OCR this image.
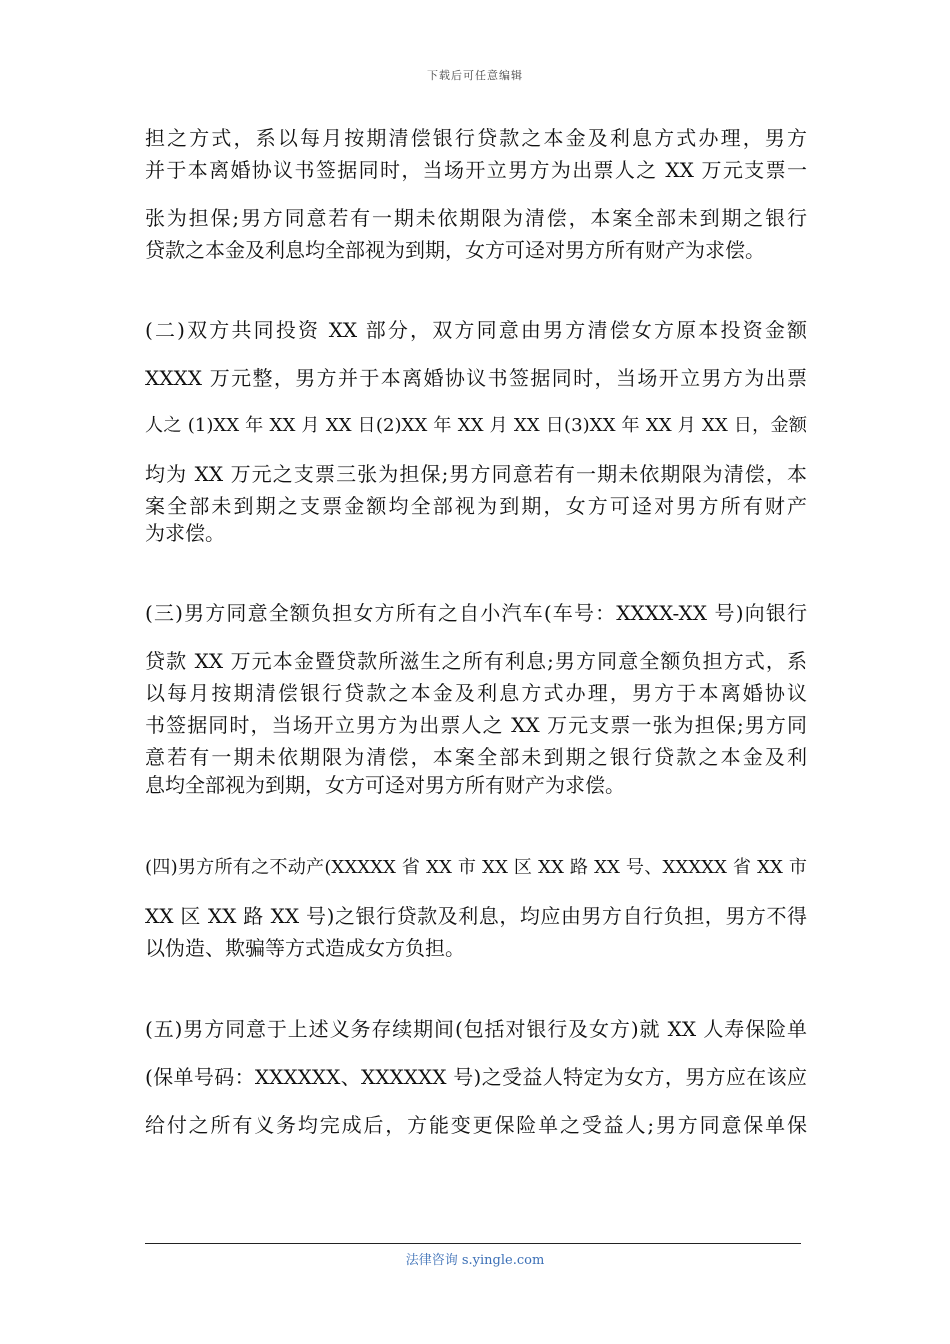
下载后可任意编辑
担之方式，系以每月按期清偿银行贷款之本金及利息方式办理，男方
并于本离婚协议书签据同时，当场开立男方为出票人之 XX 万元支票一
张为担保;男方同意若有一期未依期限为清偿，本案全部未到期之银行
贷款之本金及利息均全部视为到期，女方可迳对男方所有财产为求偿。
(二)双方共同投资 XX 部分，双方同意由男方清偿女方原本投资金额
XXXX 万元整，男方并于本离婚协议书签据同时，当场开立男方为出票
人之 (1)XX 年 XX 月 XX 日(2)XX 年 XX 月 XX 日(3)XX 年 XX 月 XX 日，金额
均为 XX 万元之支票三张为担保;男方同意若有一期未依期限为清偿，本
案全部未到期之支票金额均全部视为到期，女方可迳对男方所有财产
为求偿。
(三)男方同意全额负担女方所有之自小汽车(车号：XXXX-XX 号)向银行
贷款 XX 万元本金暨贷款所滋生之所有利息;男方同意全额负担方式，系
以每月按期清偿银行贷款之本金及利息方式办理，男方于本离婚协议
书签据同时，当场开立男方为出票人之 XX 万元支票一张为担保;男方同
意若有一期未依期限为清偿，本案全部未到期之银行贷款之本金及利
息均全部视为到期，女方可迳对男方所有财产为求偿。
(四)男方所有之不动产(XXXXX 省 XX 市 XX 区 XX 路 XX 号、XXXXX 省 XX 市
XX 区 XX 路 XX 号)之银行贷款及利息，均应由男方自行负担，男方不得
以伪造、欺骗等方式造成女方负担。
(五)男方同意于上述义务存续期间(包括对银行及女方)就 XX 人寿保险单
(保单号码：XXXXXX、XXXXXX 号)之受益人特定为女方，男方应在该应
给付之所有义务均完成后，方能变更保险单之受益人;男方同意保单保
法律咨询 s.yingle.com
